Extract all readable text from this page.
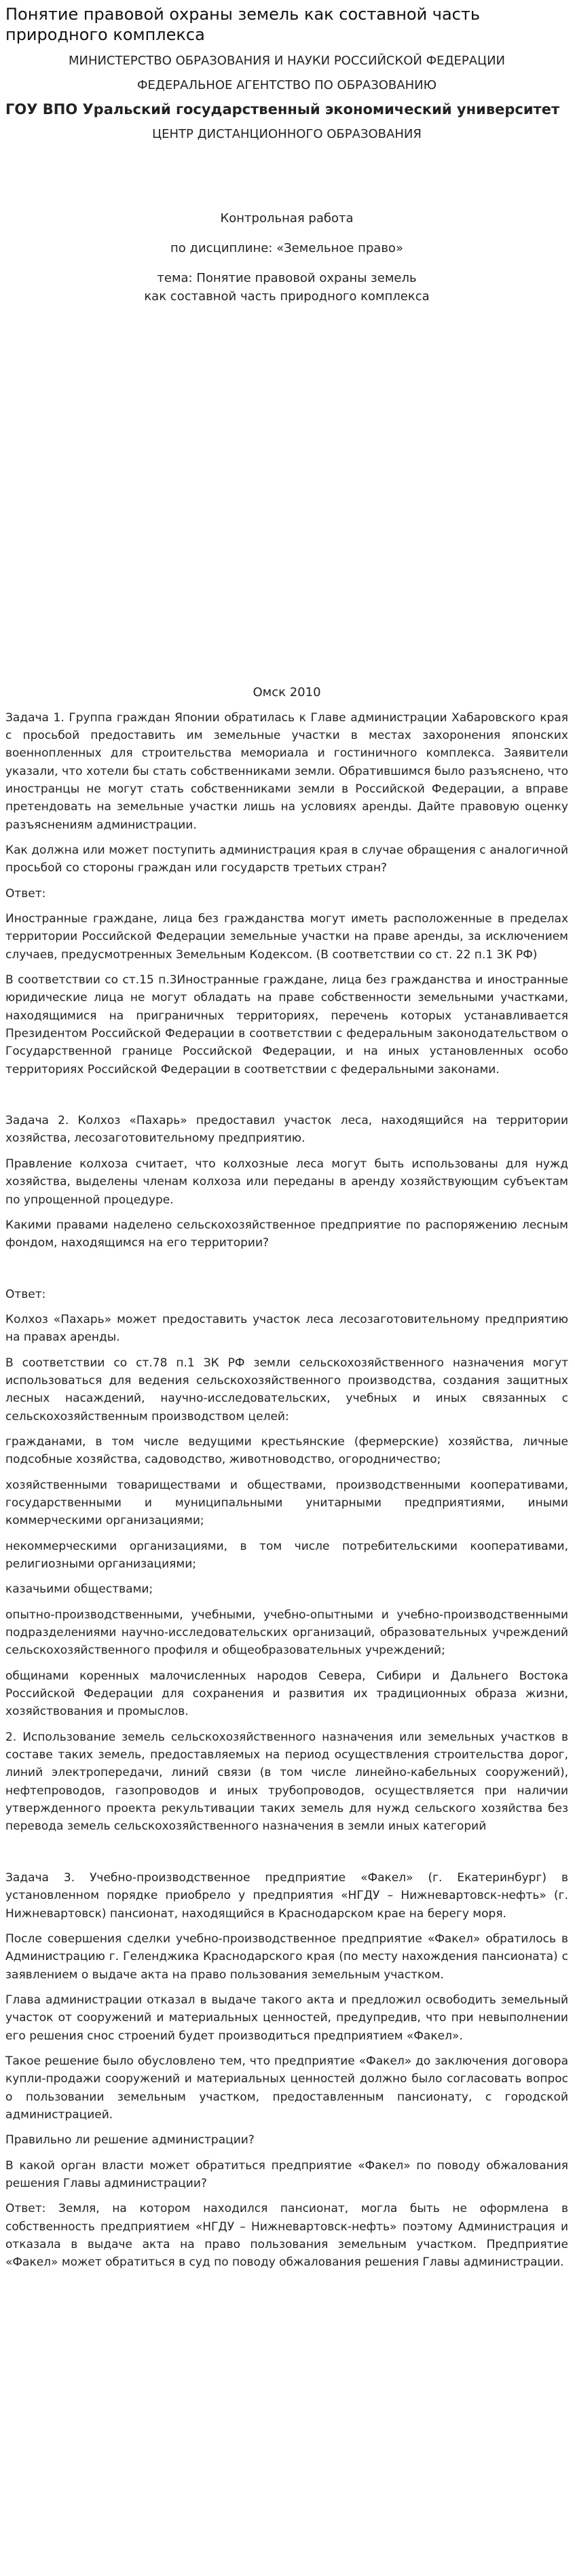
Понятие правовой охраны земель как составной часть природного комплекса

МИНИСТЕРСТВО ОБРАЗОВАНИЯ И НАУКИ РОССИЙСКОЙ ФЕДЕРАЦИИ

ФЕДЕРАЛЬНОЕ АГЕНТСТВО ПО ОБРАЗОВАНИЮ

ГОУ ВПО Уральский государственный экономический университет

ЦЕНТР ДИСТАНЦИОННОГО ОБРАЗОВАНИЯ

Контрольная работа

по дисциплине: «Земельное право»

тема: Понятие правовой охраны земель
как составной часть природного комплекса

Омск 2010

Задача 1. Группа граждан Японии обратилась к Главе администрации Хабаровского края с просьбой предоставить им земельные участки в местах захоронения японских военнопленных для строительства мемориала и гостиничного комплекса. Заявители указали, что хотели бы стать собственниками земли. Обратившимся было разъяснено, что иностранцы не могут стать собственниками земли в Российской Федерации, а вправе претендовать на земельные участки лишь на условиях аренды. Дайте правовую оценку разъяснениям администрации.

Как должна или может поступить администрация края в случае обращения с аналогичной просьбой со стороны граждан или государств третьих стран?

Ответ:

Иностранные граждане, лица без гражданства могут иметь расположенные в пределах территории Российской Федерации земельные участки на праве аренды, за исключением случаев, предусмотренных Земельным Кодексом. (В соответствии со ст. 22 п.1 ЗК РФ)

В соответствии со ст.15 п.3Иностранные граждане, лица без гражданства и иностранные юридические лица не могут обладать на праве собственности земельными участками, находящимися на приграничных территориях, перечень которых устанавливается Президентом Российской Федерации в соответствии с федеральным законодательством о Государственной границе Российской Федерации, и на иных установленных особо территориях Российской Федерации в соответствии с федеральными законами.

Задача 2. Колхоз «Пахарь» предоставил участок леса, находящийся на территории хозяйства, лесозаготовительному предприятию.

Правление колхоза считает, что колхозные леса могут быть использованы для нужд хозяйства, выделены членам колхоза или переданы в аренду хозяйствующим субъектам по упрощенной процедуре.

Какими правами наделено сельскохозяйственное предприятие по распоряжению лесным фондом, находящимся на его территории?

Ответ:

Колхоз «Пахарь» может предоставить участок леса лесозаготовительному предприятию на правах аренды.

В соответствии со ст.78 п.1 ЗК РФ земли сельскохозяйственного назначения могут использоваться для ведения сельскохозяйственного производства, создания защитных лесных насаждений, научно-исследовательских, учебных и иных связанных с сельскохозяйственным производством целей:

гражданами, в том числе ведущими крестьянские (фермерские) хозяйства, личные подсобные хозяйства, садоводство, животноводство, огородничество;

хозяйственными товариществами и обществами, производственными кооперативами, государственными и муниципальными унитарными предприятиями, иными коммерческими организациями;

некоммерческими организациями, в том числе потребительскими кооперативами, религиозными организациями;

казачьими обществами;

опытно-производственными, учебными, учебно-опытными и учебно-производственными подразделениями научно-исследовательских организаций, образовательных учреждений сельскохозяйственного профиля и общеобразовательных учреждений;

общинами коренных малочисленных народов Севера, Сибири и Дальнего Востока Российской Федерации для сохранения и развития их традиционных образа жизни, хозяйствования и промыслов.

2. Использование земель сельскохозяйственного назначения или земельных участков в составе таких земель, предоставляемых на период осуществления строительства дорог, линий электропередачи, линий связи (в том числе линейно-кабельных сооружений), нефтепроводов, газопроводов и иных трубопроводов, осуществляется при наличии утвержденного проекта рекультивации таких земель для нужд сельского хозяйства без перевода земель сельскохозяйственного назначения в земли иных категорий

Задача 3. Учебно-производственное предприятие «Факел» (г. Екатеринбург) в установленном порядке приобрело у предприятия «НГДУ – Нижневартовск-нефть» (г. Нижневартовск) пансионат, находящийся в Краснодарском крае на берегу моря.

После совершения сделки учебно-производственное предприятие «Факел» обратилось в Администрацию г. Геленджика Краснодарского края (по месту нахождения пансионата) с заявлением о выдаче акта на право пользования земельным участком.

Глава администрации отказал в выдаче такого акта и предложил освободить земельный участок от сооружений и материальных ценностей, предупредив, что при невыполнении его решения снос строений будет производиться предприятием «Факел».

Такое решение было обусловлено тем, что предприятие «Факел» до заключения договора купли-продажи сооружений и материальных ценностей должно было согласовать вопрос о пользовании земельным участком, предоставленным пансионату, с городской администрацией.

Правильно ли решение администрации?

В какой орган власти может обратиться предприятие «Факел» по поводу обжалования решения Главы администрации?

Ответ: Земля, на котором находился пансионат, могла быть не оформлена в собственность предприятием «НГДУ – Нижневартовск-нефть» поэтому Администрация и отказала в выдаче акта на право пользования земельным участком. Предприятие «Факел» может обратиться в суд по поводу обжалования решения Главы администрации.
